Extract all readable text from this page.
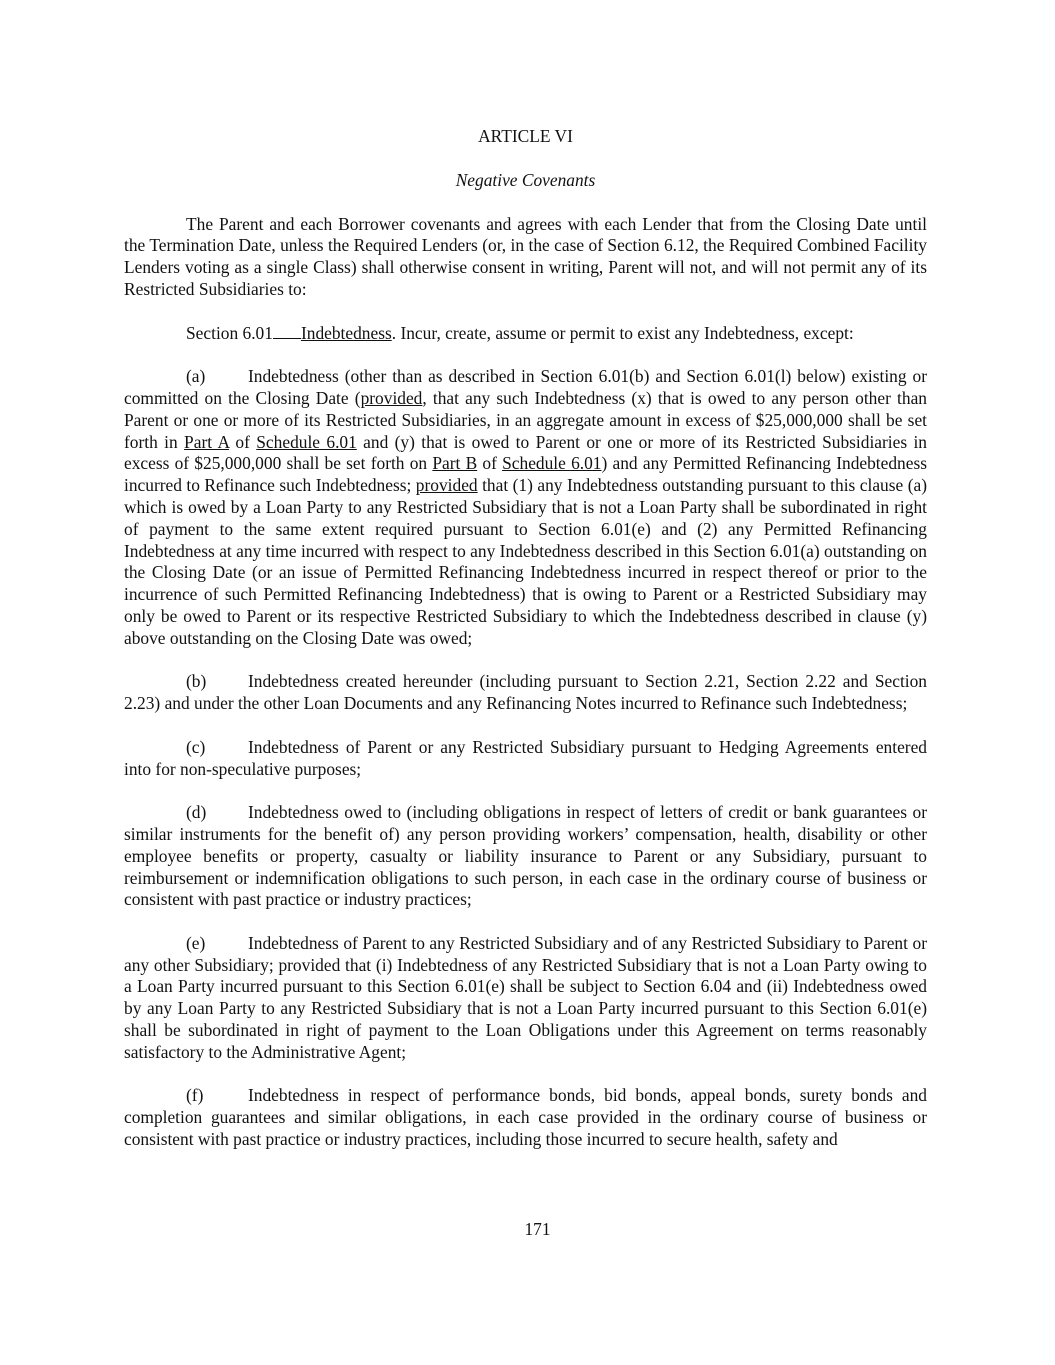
ARTICLE VI

Negative Covenants

The Parent and each Borrower covenants and agrees with each Lender that from the Closing Date until the Termination Date, unless the Required Lenders (or, in the case of Section 6.12, the Required Combined Facility Lenders voting as a single Class) shall otherwise consent in writing, Parent will not, and will not permit any of its Restricted Subsidiaries to:

Section 6.01 Indebtedness. Incur, create, assume or permit to exist any Indebtedness, except:

(a) Indebtedness (other than as described in Section 6.01(b) and Section 6.01(l) below) existing or committed on the Closing Date (provided, that any such Indebtedness (x) that is owed to any person other than Parent or one or more of its Restricted Subsidiaries, in an aggregate amount in excess of $25,000,000 shall be set forth in Part A of Schedule 6.01 and (y) that is owed to Parent or one or more of its Restricted Subsidiaries in excess of $25,000,000 shall be set forth on Part B of Schedule 6.01) and any Permitted Refinancing Indebtedness incurred to Refinance such Indebtedness; provided that (1) any Indebtedness outstanding pursuant to this clause (a) which is owed by a Loan Party to any Restricted Subsidiary that is not a Loan Party shall be subordinated in right of payment to the same extent required pursuant to Section 6.01(e) and (2) any Permitted Refinancing Indebtedness at any time incurred with respect to any Indebtedness described in this Section 6.01(a) outstanding on the Closing Date (or an issue of Permitted Refinancing Indebtedness incurred in respect thereof or prior to the incurrence of such Permitted Refinancing Indebtedness) that is owing to Parent or a Restricted Subsidiary may only be owed to Parent or its respective Restricted Subsidiary to which the Indebtedness described in clause (y) above outstanding on the Closing Date was owed;

(b) Indebtedness created hereunder (including pursuant to Section 2.21, Section 2.22 and Section 2.23) and under the other Loan Documents and any Refinancing Notes incurred to Refinance such Indebtedness;

(c) Indebtedness of Parent or any Restricted Subsidiary pursuant to Hedging Agreements entered into for non-speculative purposes;

(d) Indebtedness owed to (including obligations in respect of letters of credit or bank guarantees or similar instruments for the benefit of) any person providing workers’ compensation, health, disability or other employee benefits or property, casualty or liability insurance to Parent or any Subsidiary, pursuant to reimbursement or indemnification obligations to such person, in each case in the ordinary course of business or consistent with past practice or industry practices;

(e) Indebtedness of Parent to any Restricted Subsidiary and of any Restricted Subsidiary to Parent or any other Subsidiary; provided that (i) Indebtedness of any Restricted Subsidiary that is not a Loan Party owing to a Loan Party incurred pursuant to this Section 6.01(e) shall be subject to Section 6.04 and (ii) Indebtedness owed by any Loan Party to any Restricted Subsidiary that is not a Loan Party incurred pursuant to this Section 6.01(e) shall be subordinated in right of payment to the Loan Obligations under this Agreement on terms reasonably satisfactory to the Administrative Agent;

(f)	Indebtedness in respect of performance bonds, bid bonds, appeal bonds, surety bonds and completion guarantees and similar obligations, in each case provided in the ordinary course of business or consistent with past practice or industry practices, including those incurred to secure health, safety and

171
